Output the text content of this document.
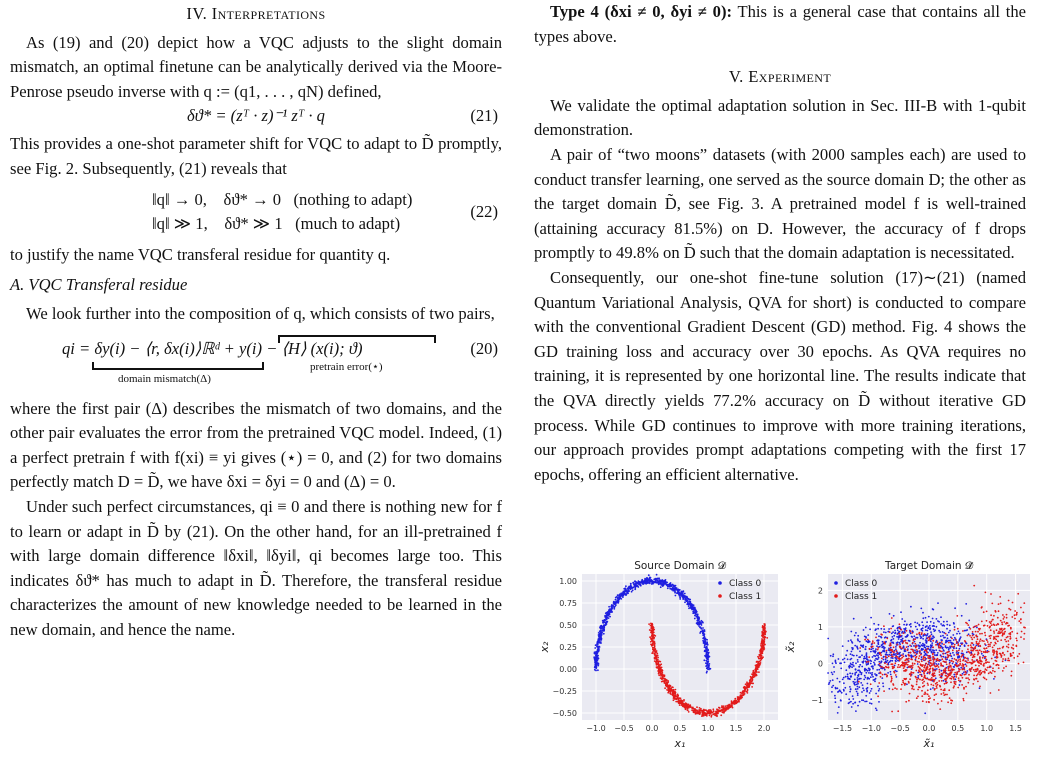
IV. Interpretations

As (19) and (20) depict how a VQC adjusts to the slight domain mismatch, an optimal finetune can be analytically derived via the Moore-Penrose pseudo inverse with q := (q1, . . . , qN) defined,

δϑ* = (zᵀ · z)⁻¹ zᵀ · q	(21)

This provides a one-shot parameter shift for VQC to adapt to D̃ promptly, see Fig. 2. Subsequently, (21) reveals that

‖q‖ → 0,    δϑ* → 0   (nothing to adapt)
‖q‖ ≫ 1,    δϑ* ≫ 1   (much to adapt)
(22)

to justify the name VQC transferal residue for quantity q.

A. VQC Transferal residue

We look further into the composition of q, which consists of two pairs,

qi = δy(i) − ⟨r, δx(i)⟩ℝᵈ + y(i) − ⟨H⟩ (x(i); ϑ)
domain mismatch(Δ)
pretrain error(⋆)
(20)

where the first pair (Δ) describes the mismatch of two domains, and the other pair evaluates the error from the pretrained VQC model. Indeed, (1) a perfect pretrain f with f(xi) ≡ yi gives (⋆) = 0, and (2) for two domains perfectly match D = D̃, we have δxi = δyi = 0 and (Δ) = 0.

Under such perfect circumstances, qi ≡ 0 and there is nothing new for f to learn or adapt in D̃ by (21). On the other hand, for an ill-pretrained f with large domain difference ‖δxi‖, ‖δyi‖, qi becomes large too. This indicates δϑ* has much to adapt in D̃. Therefore, the transferal residue characterizes the amount of new knowledge needed to be learned in the new domain, and hence the name.

Type 4 (δxi ≠ 0, δyi ≠ 0): This is a general case that contains all the types above.

V. Experiment

We validate the optimal adaptation solution in Sec. III-B with 1-qubit demonstration.

A pair of “two moons” datasets (with 2000 samples each) are used to conduct transfer learning, one served as the source domain D; the other as the target domain D̃, see Fig. 3. A pretrained model f is well-trained (attaining accuracy 81.5%) on D. However, the accuracy of f drops promptly to 49.8% on D̃ such that the domain adaptation is necessitated.

Consequently, our one-shot fine-tune solution (17)∼(21) (named Quantum Variational Analysis, QVA for short) is conducted to compare with the conventional Gradient Descent (GD) method. Fig. 4 shows the GD training loss and accuracy over 30 epochs. As QVA requires no training, it is represented by one horizontal line. The results indicate that the QVA directly yields 77.2% accuracy on D̃ without iterative GD process. While GD continues to improve with more training iterations, our approach provides prompt adaptations competing with the first 17 epochs, offering an efficient alternative.

−1.0 −0.5 0.0 0.5 1.0 1.5 2.0
−0.50
−0.25
0.00
0.25
0.50
0.75
1.00	Class 0
Class 1
Source Domain 𝓓
x₁
x₂
−1.5 −1.0 −0.5 0.0 0.5 1.0 1.5
−1
0
1
2
Class 0
Class 1
Target Domain 𝓓̃
x̃₁
x̃₂
